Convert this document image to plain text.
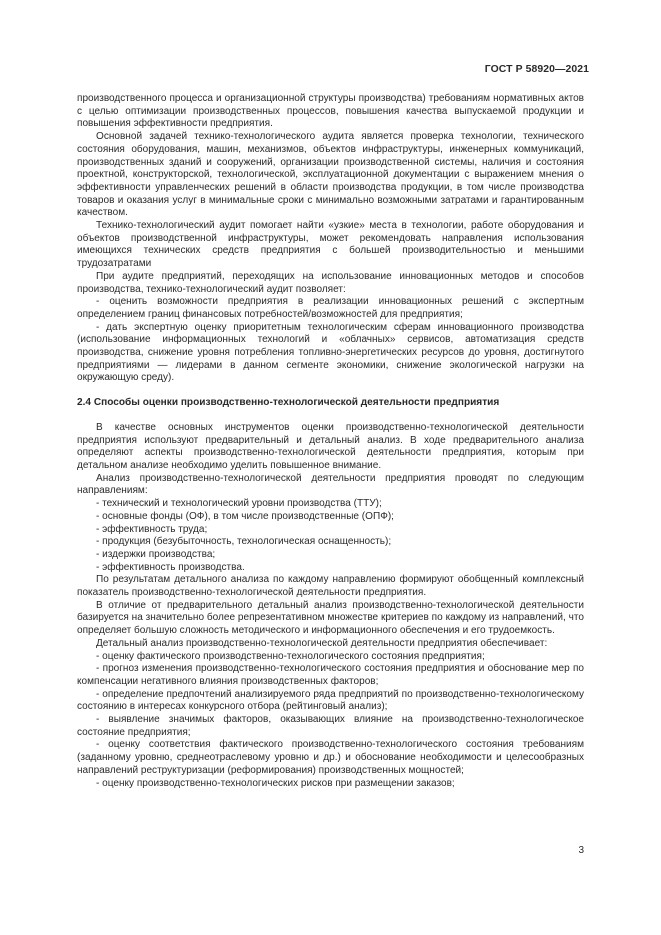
ГОСТ Р 58920—2021

производственного процесса и организационной структуры производства) требованиям нормативных актов с целью оптимизации производственных процессов, повышения качества выпускаемой продукции и повышения эффективности предприятия.

Основной задачей технико-технологического аудита является проверка технологии, технического состояния оборудования, машин, механизмов, объектов инфраструктуры, инженерных коммуникаций, производственных зданий и сооружений, организации производственной системы, наличия и состояния проектной, конструкторской, технологической, эксплуатационной документации с выражением мнения о эффективности управленческих решений в области производства продукции, в том числе производства товаров и оказания услуг в минимальные сроки с минимально возможными затратами и гарантированным качеством.

Технико-технологический аудит помогает найти «узкие» места в технологии, работе оборудования и объектов производственной инфраструктуры, может рекомендовать направления использования имеющихся технических средств предприятия с большей производительностью и меньшими трудозатратами

При аудите предприятий, переходящих на использование инновационных методов и способов производства, технико-технологический аудит позволяет:

- оценить возможности предприятия в реализации инновационных решений с экспертным определением границ финансовых потребностей/возможностей для предприятия;

- дать экспертную оценку приоритетным технологическим сферам инновационного производства (использование информационных технологий и «облачных» сервисов, автоматизация средств производства, снижение уровня потребления топливно-энергетических ресурсов до уровня, достигнутого предприятиями — лидерами в данном сегменте экономики, снижение экологической нагрузки на окружающую среду).

2.4 Способы оценки производственно-технологической деятельности предприятия

В качестве основных инструментов оценки производственно-технологической деятельности предприятия используют предварительный и детальный анализ. В ходе предварительного анализа определяют аспекты производственно-технологической деятельности предприятия, которым при детальном анализе необходимо уделить повышенное внимание.

Анализ производственно-технологической деятельности предприятия проводят по следующим направлениям:

- технический и технологический уровни производства (ТТУ);

- основные фонды (ОФ), в том числе производственные (ОПФ);

- эффективность труда;

- продукция (безубыточность, технологическая оснащенность);

- издержки производства;

- эффективность производства.

По результатам детального анализа по каждому направлению формируют обобщенный комплексный показатель производственно-технологической деятельности предприятия.

В отличие от предварительного детальный анализ производственно-технологической деятельности базируется на значительно более репрезентативном множестве критериев по каждому из направлений, что определяет большую сложность методического и информационного обеспечения и его трудоемкость.

Детальный анализ производственно-технологической деятельности предприятия обеспечивает:

- оценку фактического производственно-технологического состояния предприятия;

- прогноз изменения производственно-технологического состояния предприятия и обоснование мер по компенсации негативного влияния производственных факторов;

- определение предпочтений анализируемого ряда предприятий по производственно-технологическому состоянию в интересах конкурсного отбора (рейтинговый анализ);

- выявление значимых факторов, оказывающих влияние на производственно-технологическое состояние предприятия;

- оценку соответствия фактического производственно-технологического состояния требованиям (заданному уровню, среднеотраслевому уровню и др.) и обоснование необходимости и целесообразных направлений реструктуризации (реформирования) производственных мощностей;

- оценку производственно-технологических рисков при размещении заказов;

3
